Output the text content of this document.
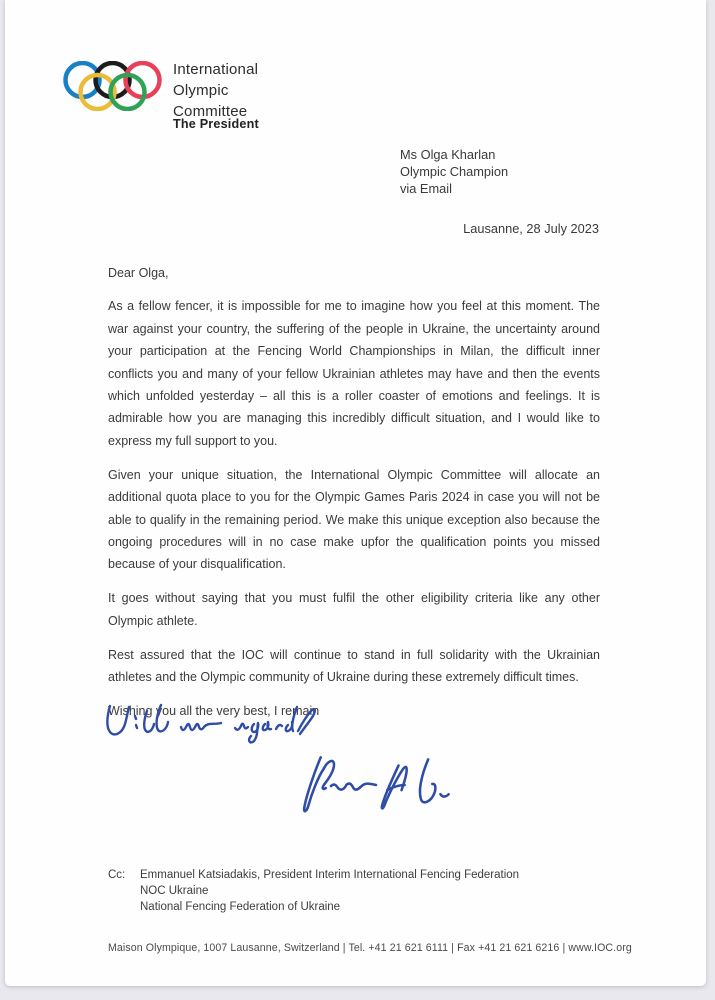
International
Olympic
Committee
The President
Ms Olga Kharlan
Olympic Champion
via Email
Lausanne, 28 July 2023

Dear Olga,

As a fellow fencer, it is impossible for me to imagine how you feel at this moment. The war against your country, the suffering of the people in Ukraine, the uncertainty around your participation at the Fencing World Championships in Milan, the difficult inner conflicts you and many of your fellow Ukrainian athletes may have and then the events which unfolded yesterday – all this is a roller coaster of emotions and feelings. It is admirable how you are managing this incredibly difficult situation, and I would like to express my full support to you.

Given your unique situation, the International Olympic Committee will allocate an additional quota place to you for the Olympic Games Paris 2024 in case you will not be able to qualify in the remaining period. We make this unique exception also because the ongoing procedures will in no case make upfor the qualification points you missed because of your disqualification.

It goes without saying that you must fulfil the other eligibility criteria like any other Olympic athlete.

Rest assured that the IOC will continue to stand in full solidarity with the Ukrainian athletes and the Olympic community of Ukraine during these extremely difficult times.

Wishing you all the very best, I remain

Cc:	Emmanuel Katsiadakis, President Interim International Fencing Federation
NOC Ukraine
National Fencing Federation of Ukraine
Maison Olympique, 1007 Lausanne, Switzerland | Tel. +41 21 621 6111 | Fax +41 21 621 6216 | www.IOC.org
